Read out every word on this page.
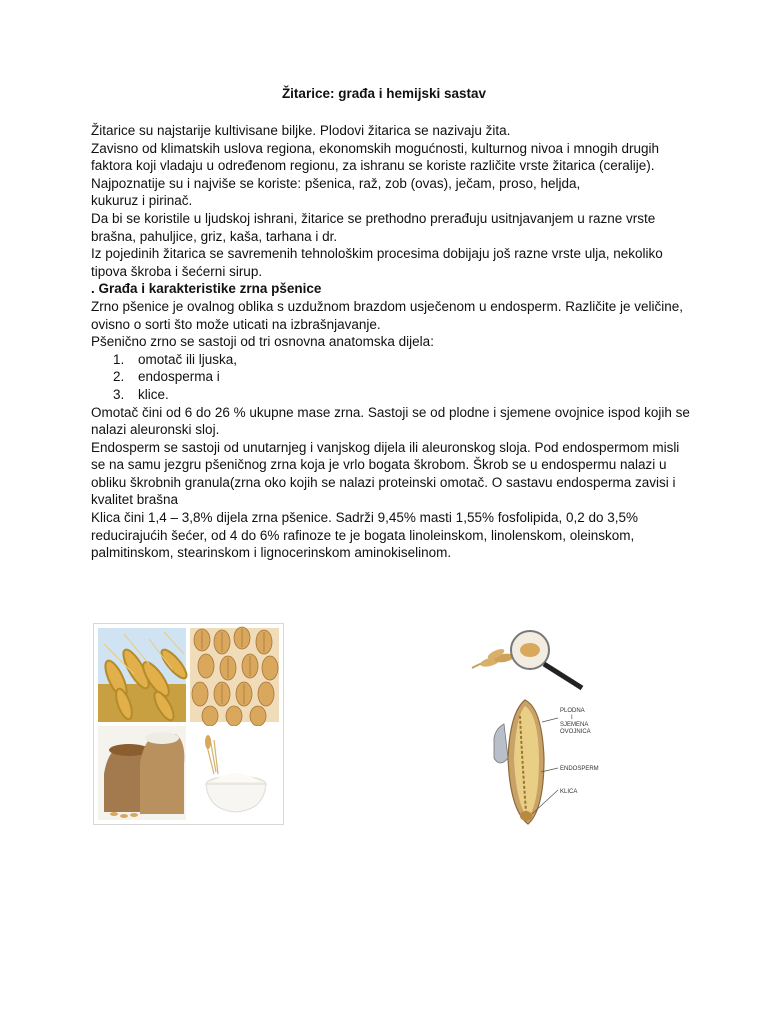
Žitarice: građa i hemijski sastav

Žitarice su najstarije kultivisane biljke. Plodovi žitarica se nazivaju žita.

Zavisno od klimatskih uslova regiona, ekonomskih mogućnosti, kulturnog nivoa i mnogih drugih faktora koji vladaju u određenom regionu, za ishranu se koriste različite vrste žitarica (ceralije).

Najpoznatije su i najviše se koriste: pšenica, raž, zob (ovas), ječam, proso, heljda,

kukuruz i pirinač.

Da bi se koristile u ljudskoj ishrani, žitarice se prethodno prerađuju usitnjavanjem u razne vrste brašna, pahuljice, griz, kaša, tarhana i dr.

Iz pojedinih žitarica se savremenih tehnološkim procesima dobijaju još razne vrste ulja, nekoliko tipova škroba i šećerni sirup.

. Građa i karakteristike zrna pšenice

Zrno pšenice je ovalnog oblika s uzdužnom brazdom usječenom u endosperm. Različite je veličine, ovisno o sorti što može uticati na izbrašnjavanje.

Pšenično zrno se sastoji od tri osnovna anatomska dijela:

1. omotač ili ljuska,
2. endosperma i
3. klice.

Omotač čini od 6 do 26 % ukupne mase zrna. Sastoji se od plodne i sjemene ovojnice ispod kojih se nalazi aleuronski sloj.

Endosperm se sastoji od unutarnjeg i vanjskog dijela ili aleuronskog sloja. Pod endospermom misli se na samu jezgru pšeničnog zrna koja je vrlo bogata škrobom. Škrob se u endospermu nalazi u obliku škrobnih granula(zrna oko kojih se nalazi proteinski omotač. O sastavu endosperma zavisi i kvalitet brašna

Klica čini 1,4 – 3,8% dijela zrna pšenice. Sadrži 9,45% masti 1,55% fosfolipida, 0,2 do 3,5% reducirajućih šećer, od 4 do 6% rafinoze te je bogata linoleinskom, linolenskom, oleinskom, palmitinskom, stearinskom i lignocerinskom aminokiselinom.

PLODNA
I
SJEMENA
OVOJNICA
ENDOSPERM
KLICA
